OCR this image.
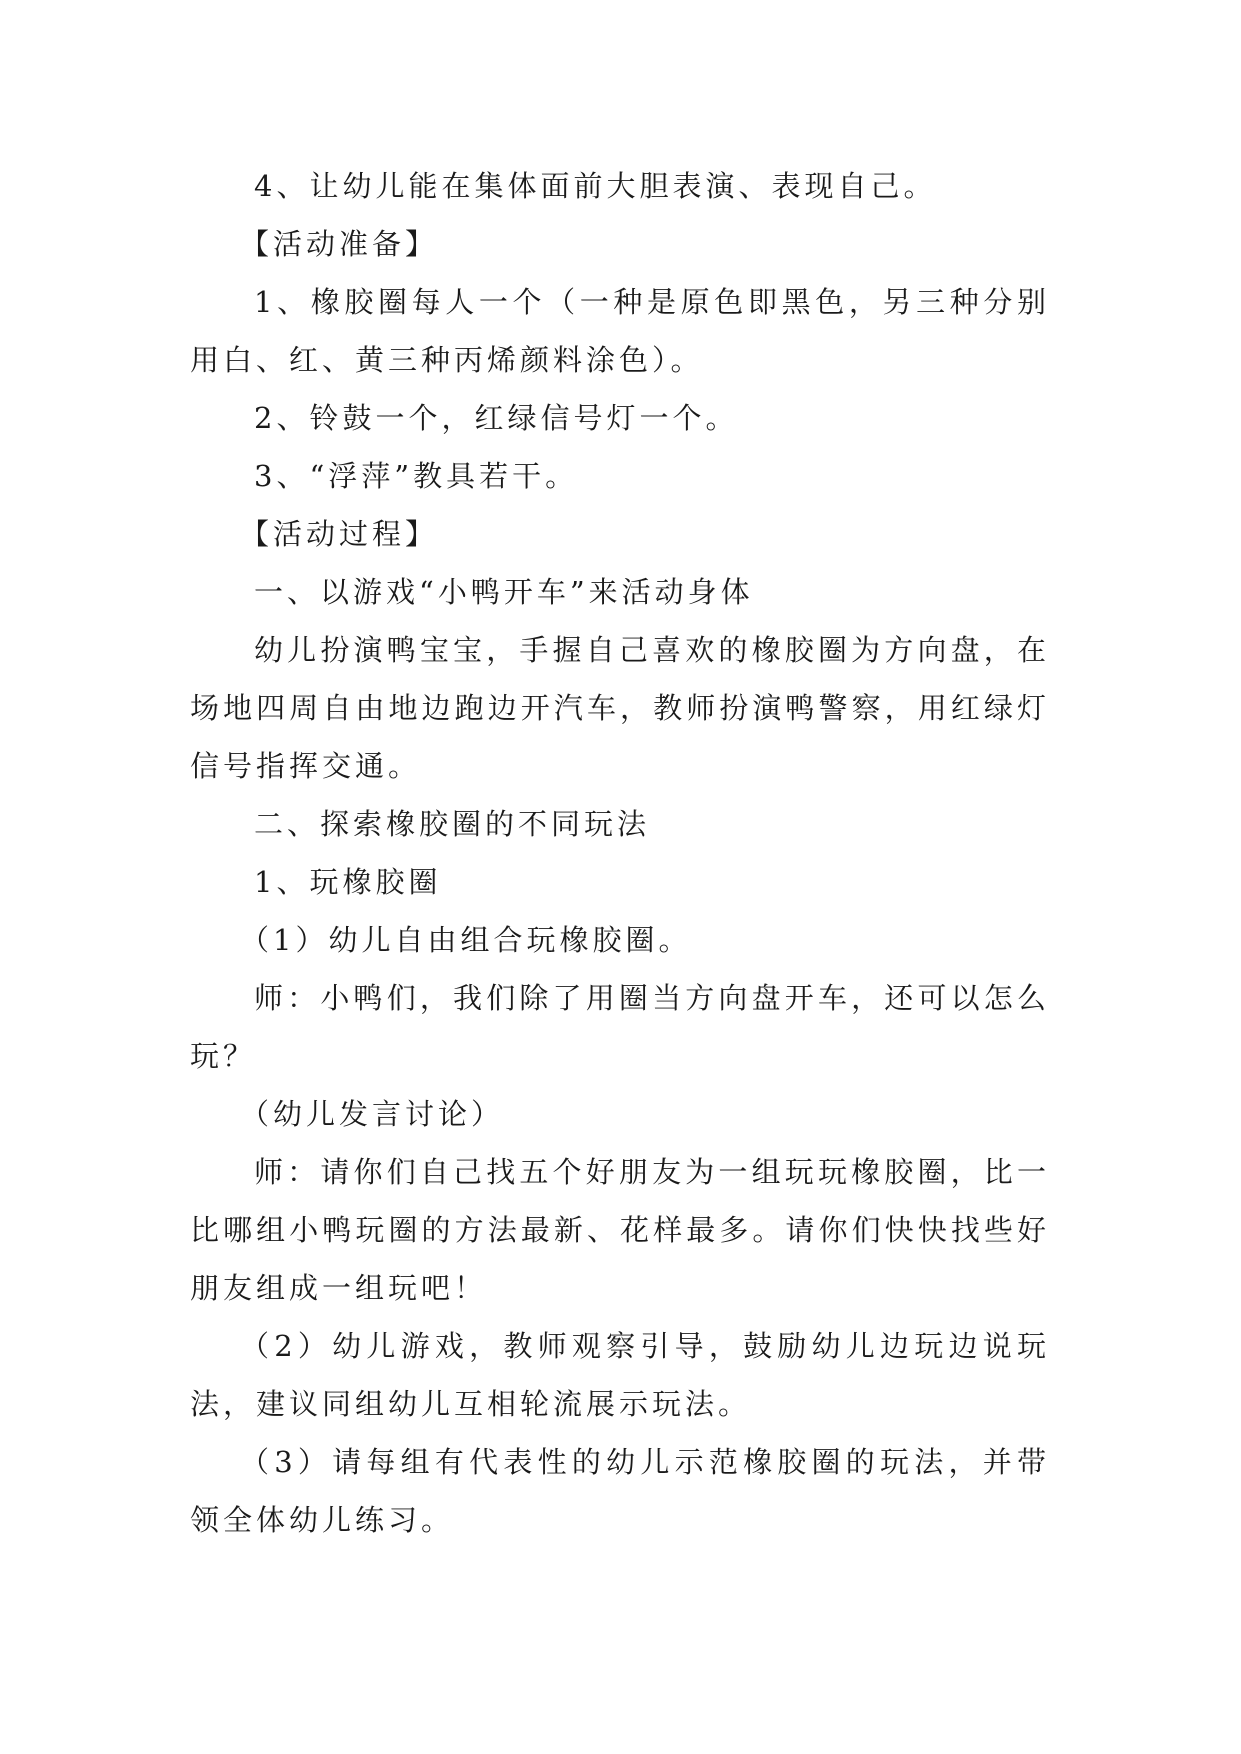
4、让幼儿能在集体面前大胆表演、表现自己。

【活动准备】

1、橡胶圈每人一个（一种是原色即黑色，另三种分别用白、红、黄三种丙烯颜料涂色）。

2、铃鼓一个，红绿信号灯一个。

3、“浮萍”教具若干。

【活动过程】

一、以游戏“小鸭开车”来活动身体

幼儿扮演鸭宝宝，手握自己喜欢的橡胶圈为方向盘，在场地四周自由地边跑边开汽车，教师扮演鸭警察，用红绿灯信号指挥交通。

二、探索橡胶圈的不同玩法

1、玩橡胶圈

（1）幼儿自由组合玩橡胶圈。

师：小鸭们，我们除了用圈当方向盘开车，还可以怎么玩？

（幼儿发言讨论）

师：请你们自己找五个好朋友为一组玩玩橡胶圈，比一比哪组小鸭玩圈的方法最新、花样最多。请你们快快找些好朋友组成一组玩吧！

（2）幼儿游戏，教师观察引导，鼓励幼儿边玩边说玩法，建议同组幼儿互相轮流展示玩法。

（3）请每组有代表性的幼儿示范橡胶圈的玩法，并带领全体幼儿练习。
